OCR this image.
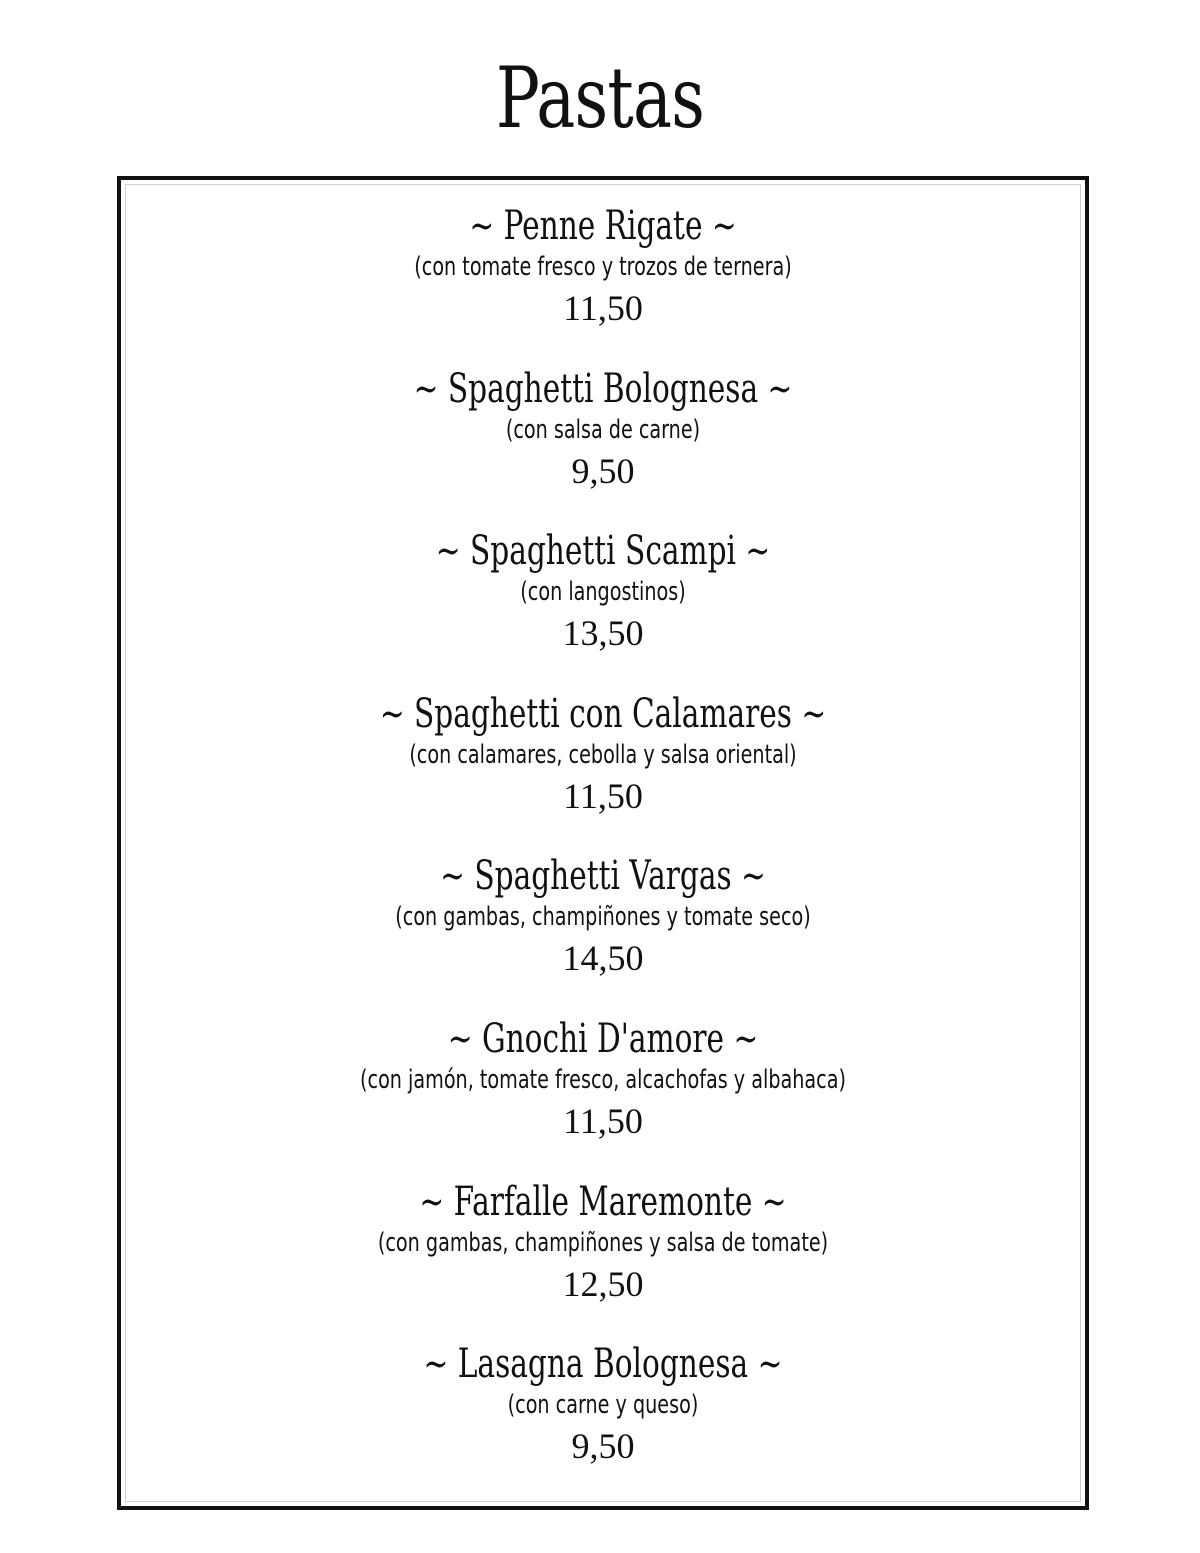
Pastas
~ Penne Rigate ~
(con tomate fresco y trozos de ternera)
11,50
~ Spaghetti Bolognesa ~
(con salsa de carne)
9,50
~ Spaghetti Scampi ~
(con langostinos)
13,50
~ Spaghetti con Calamares ~
(con calamares, cebolla y salsa oriental)
11,50
~ Spaghetti Vargas ~
(con gambas, champiñones y tomate seco)
14,50
~ Gnochi D'amore ~
(con jamón, tomate fresco, alcachofas y albahaca)
11,50
~ Farfalle Maremonte ~
(con gambas, champiñones y salsa de tomate)
12,50
~ Lasagna Bolognesa ~
(con carne y queso)
9,50
